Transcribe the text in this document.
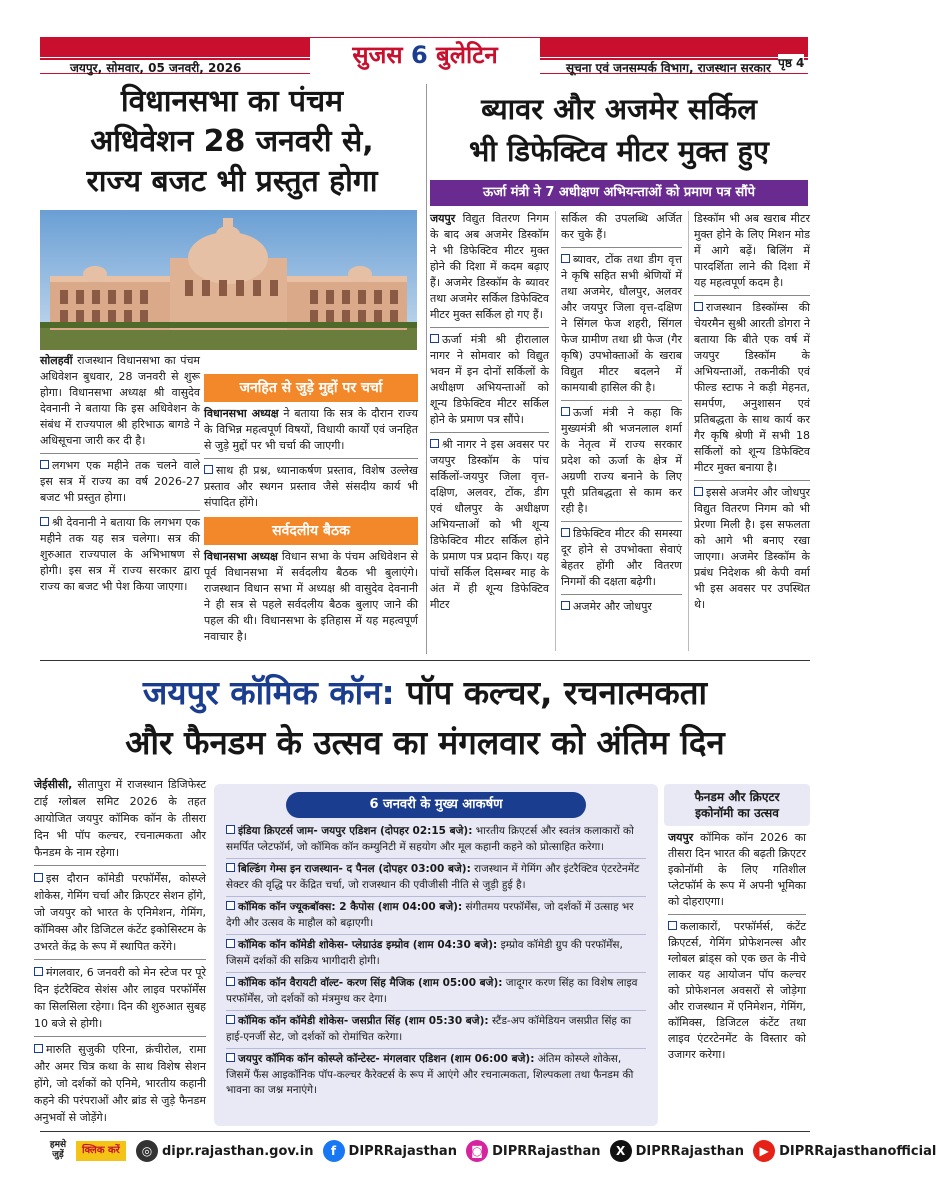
जयपुर, सोमवार, 05 जनवरी, 2026	सुजस 6 बुलेटिन	सूचना एवं जनसम्पर्क विभाग, राजस्थान सरकार पृष्ठ 4
विधानसभा का पंचम
अधिवेशन 28 जनवरी से,
राज्य बजट भी प्रस्तुत होगा

सोलहवीं राजस्थान विधानसभा का पंचम अधिवेशन बुधवार, 28 जनवरी से शुरू होगा। विधानसभा अध्यक्ष श्री वासुदेव देवनानी ने बताया कि इस अधिवेशन के संबंध में राज्यपाल श्री हरिभाऊ बागडे ने अधिसूचना जारी कर दी है।

लगभग एक महीने तक चलने वाले इस सत्र में राज्य का वर्ष 2026-27 बजट भी प्रस्तुत होगा।

श्री देवनानी ने बताया कि लगभग एक महीने तक यह सत्र चलेगा। सत्र की शुरुआत राज्यपाल के अभिभाषण से होगी। इस सत्र में राज्य सरकार द्वारा राज्य का बजट भी पेश किया जाएगा।

जनहित से जुड़े मुद्दों पर चर्चा

विधानसभा अध्यक्ष ने बताया कि सत्र के दौरान राज्य के विभिन्न महत्वपूर्ण विषयों, विधायी कार्यों एवं जनहित से जुड़े मुद्दों पर भी चर्चा की जाएगी।

साथ ही प्रश्न, ध्यानाकर्षण प्रस्ताव, विशेष उल्लेख प्रस्ताव और स्थगन प्रस्ताव जैसे संसदीय कार्य भी संपादित होंगे।

सर्वदलीय बैठक

विधानसभा अध्यक्ष विधान सभा के पंचम अधिवेशन से पूर्व विधानसभा में सर्वदलीय बैठक भी बुलाएंगे। राजस्थान विधान सभा में अध्यक्ष श्री वासुदेव देवनानी ने ही सत्र से पहले सर्वदलीय बैठक बुलाए जाने की पहल की थी। विधानसभा के इतिहास में यह महत्वपूर्ण नवाचार है।

ब्यावर और अजमेर सर्किल
भी डिफेक्टिव मीटर मुक्त हुए
ऊर्जा मंत्री ने 7 अधीक्षण अभियन्ताओं को प्रमाण पत्र सौंपे

जयपुर विद्युत वितरण निगम के बाद अब अजमेर डिस्कॉम ने भी डिफेक्टिव मीटर मुक्त होने की दिशा में कदम बढ़ाए हैं। अजमेर डिस्कॉम के ब्यावर तथा अजमेर सर्किल डिफेक्टिव मीटर मुक्त सर्किल हो गए हैं।

ऊर्जा मंत्री श्री हीरालाल नागर ने सोमवार को विद्युत भवन में इन दोनों सर्किलों के अधीक्षण अभियन्ताओं को शून्य डिफेक्टिव मीटर सर्किल होने के प्रमाण पत्र सौंपे।

श्री नागर ने इस अवसर पर जयपुर डिस्कॉम के पांच सर्किलों-जयपुर जिला वृत्त-दक्षिण, अलवर, टोंक, डीग एवं धौलपुर के अधीक्षण अभियन्ताओं को भी शून्य डिफेक्टिव मीटर सर्किल होने के प्रमाण पत्र प्रदान किए। यह पांचों सर्किल दिसम्बर माह के अंत में ही शून्य डिफेक्टिव मीटर

सर्किल की उपलब्धि अर्जित कर चुके हैं।

ब्यावर, टोंक तथा डीग वृत्त ने कृषि सहित सभी श्रेणियों में तथा अजमेर, धौलपुर, अलवर और जयपुर जिला वृत्त-दक्षिण ने सिंगल फेज शहरी, सिंगल फेज ग्रामीण तथा थ्री फेज (गैर कृषि) उपभोक्ताओं के खराब विद्युत मीटर बदलने में कामयाबी हासिल की है।

ऊर्जा मंत्री ने कहा कि मुख्यमंत्री श्री भजनलाल शर्मा के नेतृत्व में राज्य सरकार प्रदेश को ऊर्जा के क्षेत्र में अग्रणी राज्य बनाने के लिए पूरी प्रतिबद्धता से काम कर रही है।

डिफेक्टिव मीटर की समस्या दूर होने से उपभोक्ता सेवाएं बेहतर होंगी और वितरण निगमों की दक्षता बढ़ेगी।

अजमेर और जोधपुर

डिस्कॉम भी अब खराब मीटर मुक्त होने के लिए मिशन मोड में आगे बढ़ें। बिलिंग में पारदर्शिता लाने की दिशा में यह महत्वपूर्ण कदम है।

राजस्थान डिस्कॉम्स की चेयरमैन सुश्री आरती डोगरा ने बताया कि बीते एक वर्ष में जयपुर डिस्कॉम के अभियन्ताओं, तकनीकी एवं फील्ड स्टाफ ने कड़ी मेहनत, समर्पण, अनुशासन एवं प्रतिबद्धता के साथ कार्य कर गैर कृषि श्रेणी में सभी 18 सर्किलों को शून्य डिफेक्टिव मीटर मुक्त बनाया है।

इससे अजमेर और जोधपुर विद्युत वितरण निगम को भी प्रेरणा मिली है। इस सफलता को आगे भी बनाए रखा जाएगा। अजमेर डिस्कॉम के प्रबंध निदेशक श्री केपी वर्मा भी इस अवसर पर उपस्थित थे।

जयपुर कॉमिक कॉन: पॉप कल्चर, रचनात्मकता
और फैनडम के उत्सव का मंगलवार को अंतिम दिन

जेईसीसी, सीतापुरा में राजस्थान डिजिफेस्ट टाई ग्लोबल समिट 2026 के तहत आयोजित जयपुर कॉमिक कॉन के तीसरा दिन भी पॉप कल्चर, रचनात्मकता और फैनडम के नाम रहेगा।

इस दौरान कॉमेडी परफॉर्मेंस, कोस्प्ले शोकेस, गेमिंग चर्चा और क्रिएटर सेशन होंगे, जो जयपुर को भारत के एनिमेशन, गेमिंग, कॉमिक्स और डिजिटल कंटेंट इकोसिस्टम के उभरते केंद्र के रूप में स्थापित करेंगे।

मंगलवार, 6 जनवरी को मेन स्टेज पर पूरे दिन इंटरैक्टिव सेशंस और लाइव परफॉर्मेंस का सिलसिला रहेगा। दिन की शुरुआत सुबह 10 बजे से होगी।

मारुति सुजुकी एरिना, क्रंचीरोल, रामा और अमर चित्र कथा के साथ विशेष सेशन होंगे, जो दर्शकों को एनिमे, भारतीय कहानी कहने की परंपराओं और ब्रांड से जुड़े फैनडम अनुभवों से जोड़ेंगे।

6 जनवरी के मुख्य आकर्षण
इंडिया क्रिएटर्स जाम- जयपुर एडिशन (दोपहर 02:15 बजे): भारतीय क्रिएटर्स और स्वतंत्र कलाकारों को समर्पित प्लेटफॉर्म, जो कॉमिक कॉन कम्युनिटी में सहयोग और मूल कहानी कहने को प्रोत्साहित करेगा।
बिल्डिंग गेम्स इन राजस्थान- द पैनल (दोपहर 03:00 बजे): राजस्थान में गेमिंग और इंटरैक्टिव एंटरटेनमेंट सेक्टर की वृद्धि पर केंद्रित चर्चा, जो राजस्थान की एवीजीसी नीति से जुड़ी हुई है।
कॉमिक कॉन ज्यूकबॉक्स: 2 कैपोस (शाम 04:00 बजे): संगीतमय परफॉर्मेंस, जो दर्शकों में उत्साह भर देगी और उत्सव के माहौल को बढ़ाएगी।
कॉमिक कॉन कॉमेडी शोकेस- प्लेग्राउंड इम्प्रोव (शाम 04:30 बजे): इम्प्रोव कॉमेडी ग्रुप की परफॉर्मेंस, जिसमें दर्शकों की सक्रिय भागीदारी होगी।
कॉमिक कॉन वैरायटी वॉल्ट- करण सिंह मैजिक (शाम 05:00 बजे): जादूगर करण सिंह का विशेष लाइव परफॉर्मेंस, जो दर्शकों को मंत्रमुग्ध कर देगा।
कॉमिक कॉन कॉमेडी शोकेस- जसप्रीत सिंह (शाम 05:30 बजे): स्टैंड-अप कॉमेडियन जसप्रीत सिंह का हाई-एनर्जी सेट, जो दर्शकों को रोमांचित करेगा।
जयपुर कॉमिक कॉन कोस्प्ले कॉन्टेस्ट- मंगलवार एडिशन (शाम 06:00 बजे): अंतिम कोस्प्ले शोकेस, जिसमें फैंस आइकॉनिक पॉप-कल्चर कैरेक्टर्स के रूप में आएंगे और रचनात्मकता, शिल्पकला तथा फैनडम की भावना का जश्न मनाएंगे।
फैनडम और क्रिएटर
इकोनॉमी का उत्सव

जयपुर कॉमिक कॉन 2026 का तीसरा दिन भारत की बढ़ती क्रिएटर इकोनॉमी के लिए गतिशील प्लेटफॉर्म के रूप में अपनी भूमिका को दोहराएगा।

कलाकारों, परफॉर्मर्स, कंटेंट क्रिएटर्स, गेमिंग प्रोफेशनल्स और ग्लोबल ब्रांड्स को एक छत के नीचे लाकर यह आयोजन पॉप कल्चर को प्रोफेशनल अवसरों से जोड़ेगा और राजस्थान में एनिमेशन, गेमिंग, कॉमिक्स, डिजिटल कंटेंट तथा लाइव एंटरटेनमेंट के विस्तार को उजागर करेगा।

हमसे
जुड़ें	क्लिक करें	◎ dipr.rajasthan.gov.in f DIPRRajasthan ◙ DIPRRajasthan X DIPRRajasthan ▶ DIPRRajasthanofficial
